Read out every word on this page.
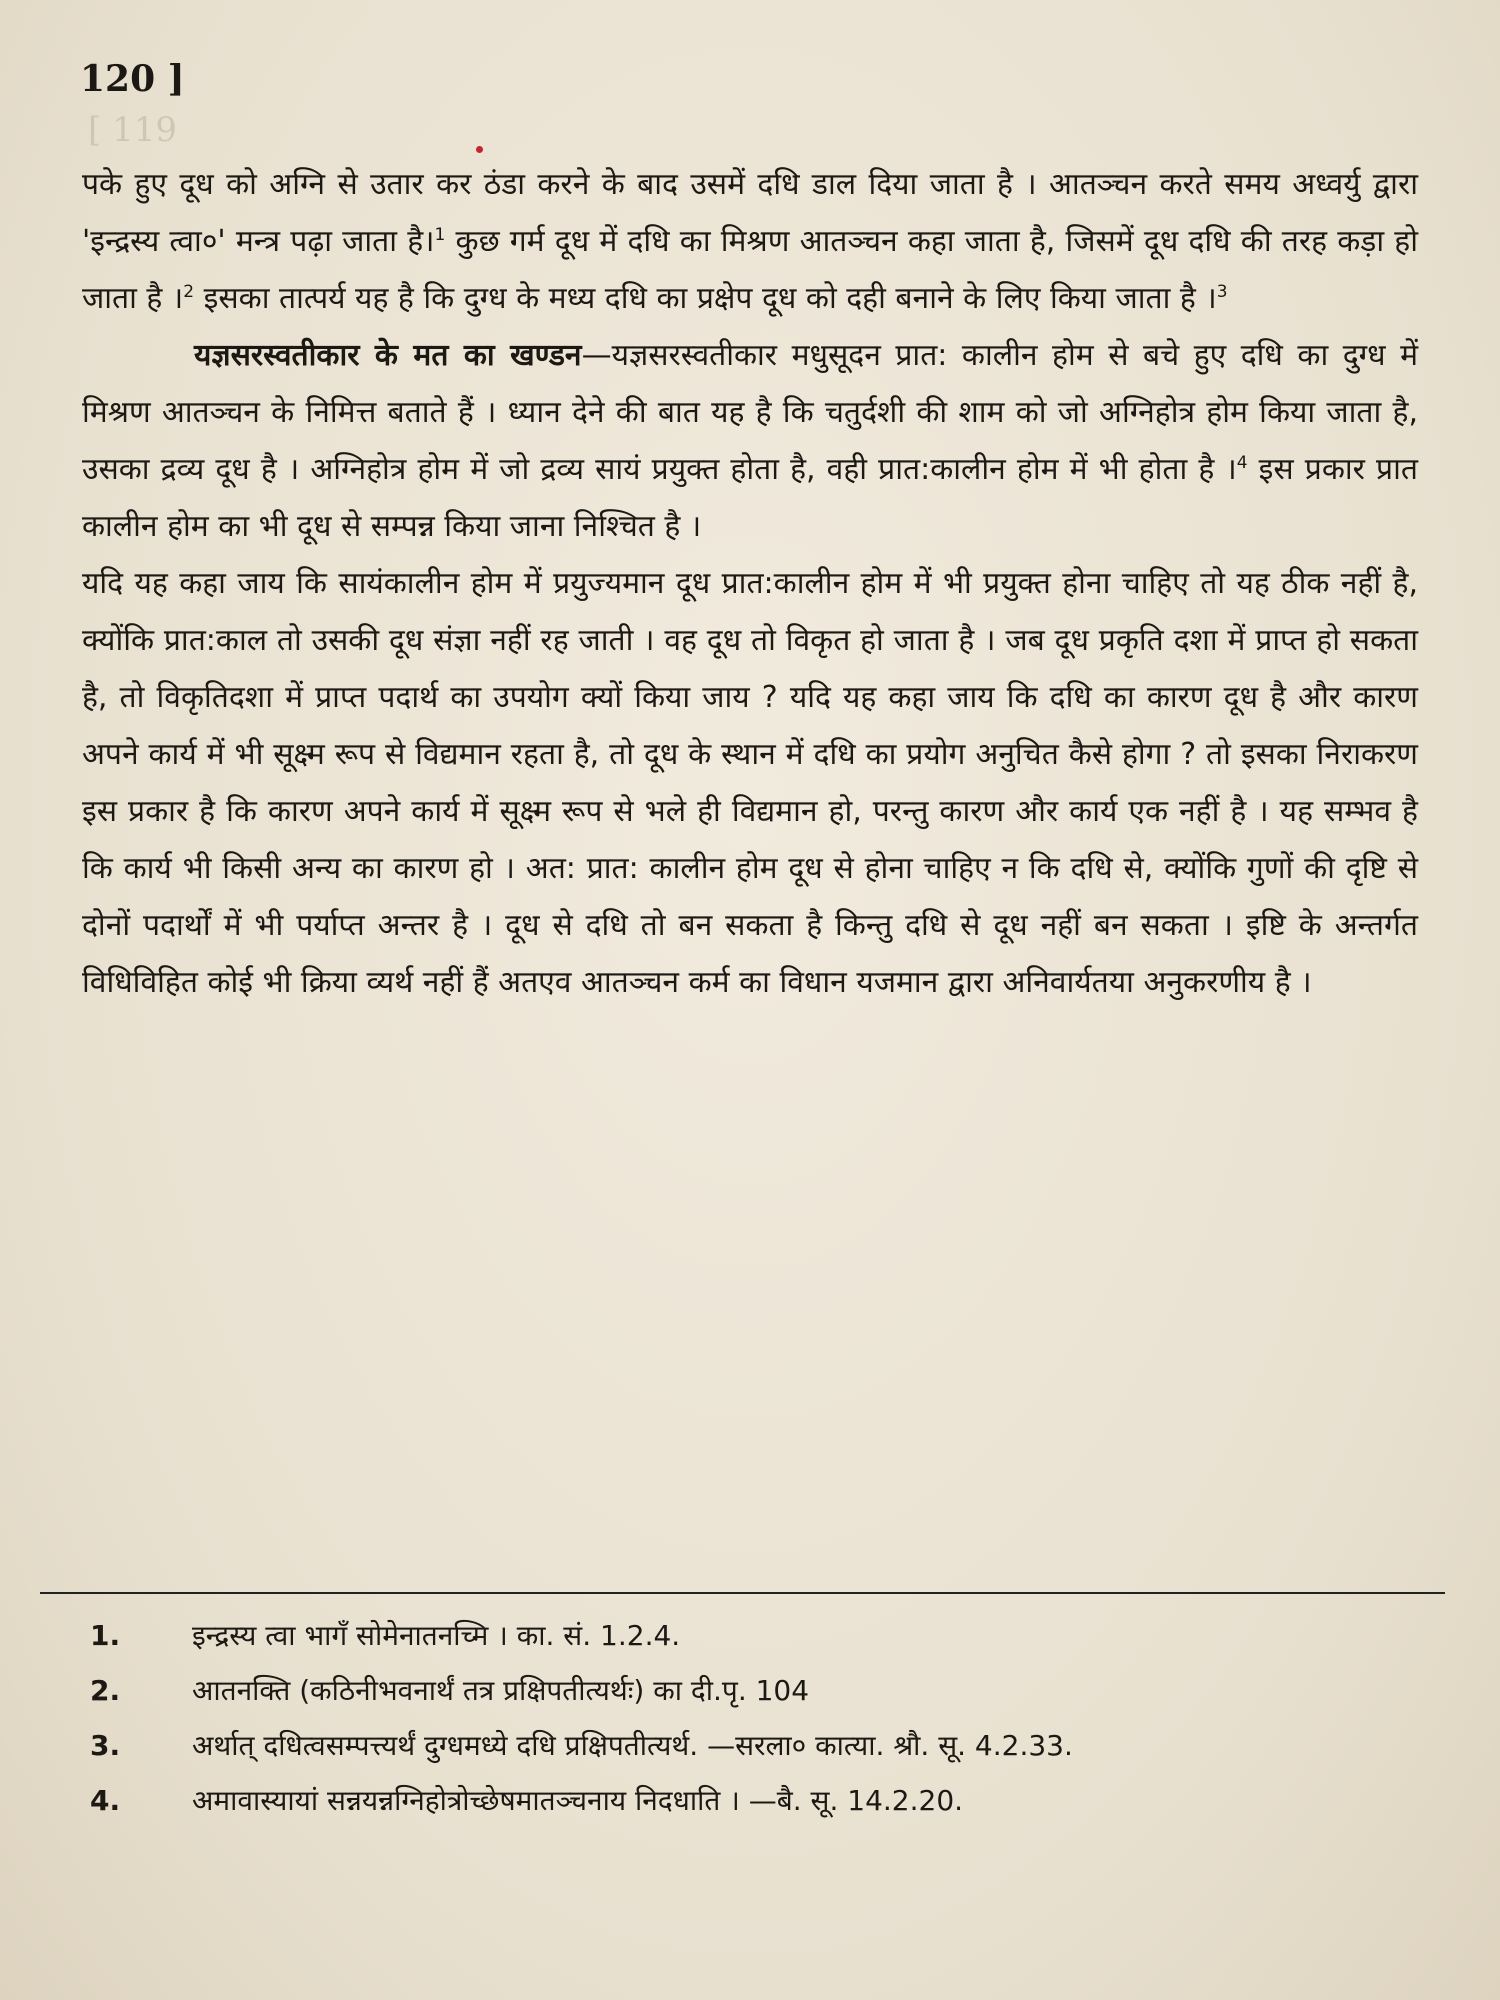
120 ]
[ 119

पके हुए दूध को अग्नि से उतार कर ठंडा करने के बाद उसमें दधि डाल दिया जाता है । आतञ्चन करते समय अध्वर्यु द्वारा 'इन्द्रस्य त्वा०' मन्त्र पढ़ा जाता है।$^1$ कुछ गर्म दूध में दधि का मिश्रण आतञ्चन कहा जाता है, जिसमें दूध दधि की तरह कड़ा हो जाता है ।$^2$ इसका तात्पर्य यह है कि दुग्ध के मध्य दधि का प्रक्षेप दूध को दही बनाने के लिए किया जाता है ।$^3$

यज्ञसरस्वतीकार के मत का खण्डन—यज्ञसरस्वतीकार मधुसूदन प्रात: कालीन होम से बचे हुए दधि का दुग्ध में मिश्रण आतञ्चन के निमित्त बताते हैं । ध्यान देने की बात यह है कि चतुर्दशी की शाम को जो अग्निहोत्र होम किया जाता है, उसका द्रव्य दूध है । अग्निहोत्र होम में जो द्रव्य सायं प्रयुक्त होता है, वही प्रात:कालीन होम में भी होता है ।$^4$ इस प्रकार प्रात कालीन होम का भी दूध से सम्पन्न किया जाना निश्चित है ।

यदि यह कहा जाय कि सायंकालीन होम में प्रयुज्यमान दूध प्रात:कालीन होम में भी प्रयुक्त होना चाहिए तो यह ठीक नहीं है, क्योंकि प्रात:काल तो उसकी दूध संज्ञा नहीं रह जाती । वह दूध तो विकृत हो जाता है । जब दूध प्रकृति दशा में प्राप्त हो सकता है, तो विकृतिदशा में प्राप्त पदार्थ का उपयोग क्यों किया जाय ? यदि यह कहा जाय कि दधि का कारण दूध है और कारण अपने कार्य में भी सूक्ष्म रूप से विद्यमान रहता है, तो दूध के स्थान में दधि का प्रयोग अनुचित कैसे होगा ? तो इसका निराकरण इस प्रकार है कि कारण अपने कार्य में सूक्ष्म रूप से भले ही विद्यमान हो, परन्तु कारण और कार्य एक नहीं है । यह सम्भव है कि कार्य भी किसी अन्य का कारण हो । अत: प्रात: कालीन होम दूध से होना चाहिए न कि दधि से, क्योंकि गुणों की दृष्टि से दोनों पदार्थों में भी पर्याप्त अन्तर है । दूध से दधि तो बन सकता है किन्तु दधि से दूध नहीं बन सकता । इष्टि के अन्तर्गत विधिविहित कोई भी क्रिया व्यर्थ नहीं हैं अतएव आतञ्चन कर्म का विधान यजमान द्वारा अनिवार्यतया अनुकरणीय है ।

1.	इन्द्रस्य त्वा भागँ सोमेनातनच्मि । का. सं. 1.2.4.
2.	आतनक्ति (कठिनीभवनार्थं तत्र प्रक्षिपतीत्यर्थः) का दी.पृ. 104
3.	अर्थात् दधित्वसम्पत्त्यर्थं दुग्धमध्ये दधि प्रक्षिपतीत्यर्थ. —सरला० कात्या. श्रौ. सू. 4.2.33.
4.	अमावास्यायां सन्नयन्नग्निहोत्रोच्छेषमातञ्चनाय निदधाति । —बै. सू. 14.2.20.
